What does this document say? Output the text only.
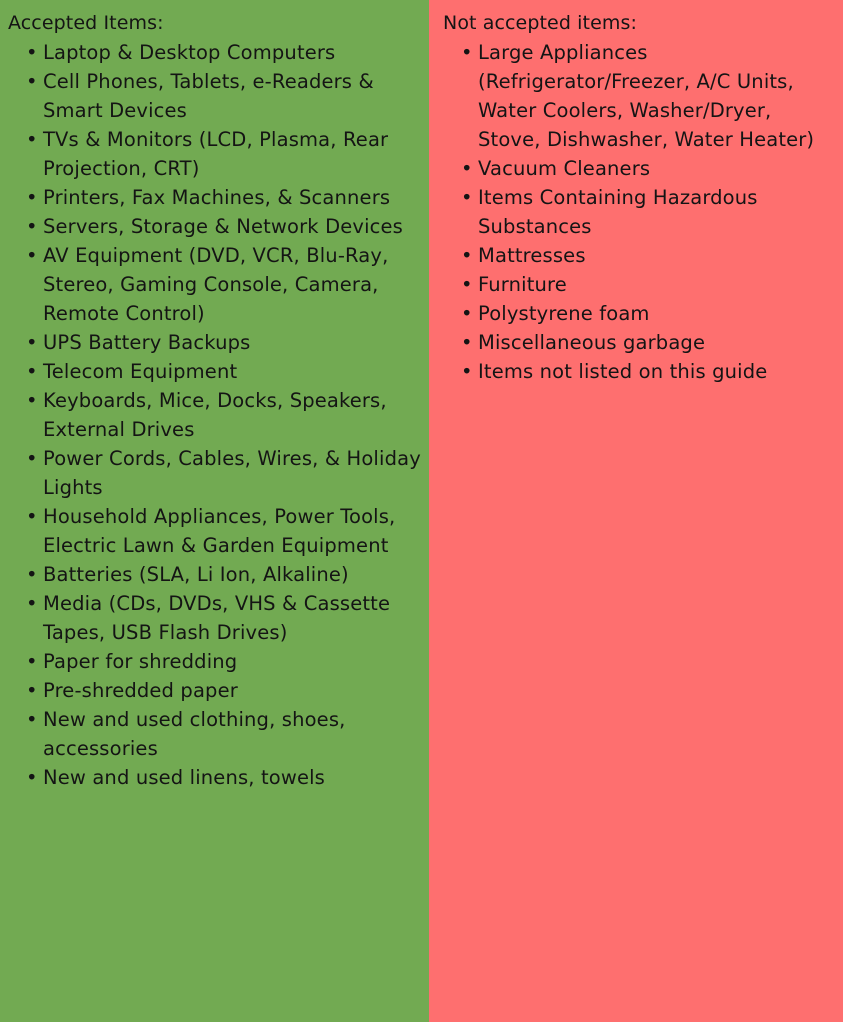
Accepted Items:

• Laptop & Desktop Computers
• Cell Phones, Tablets, e-Readers & Smart Devices
• TVs & Monitors (LCD, Plasma, Rear Projection, CRT)
• Printers, Fax Machines, & Scanners
• Servers, Storage & Network Devices
• AV Equipment (DVD, VCR, Blu-Ray, Stereo, Gaming Console, Camera, Remote Control)
• UPS Battery Backups
• Telecom Equipment
• Keyboards, Mice, Docks, Speakers, External Drives
• Power Cords, Cables, Wires, & Holiday Lights
• Household Appliances, Power Tools, Electric Lawn & Garden Equipment
• Batteries (SLA, Li Ion, Alkaline)
• Media (CDs, DVDs, VHS & Cassette Tapes, USB Flash Drives)
• Paper for shredding
• Pre-shredded paper
• New and used clothing, shoes, accessories
• New and used linens, towels

Not accepted items:

• Large Appliances (Refrigerator/Freezer, A/C Units, Water Coolers, Washer/Dryer, Stove, Dishwasher, Water Heater)
• Vacuum Cleaners
• Items Containing Hazardous Substances
• Mattresses
• Furniture
• Polystyrene foam
• Miscellaneous garbage
• Items not listed on this guide
